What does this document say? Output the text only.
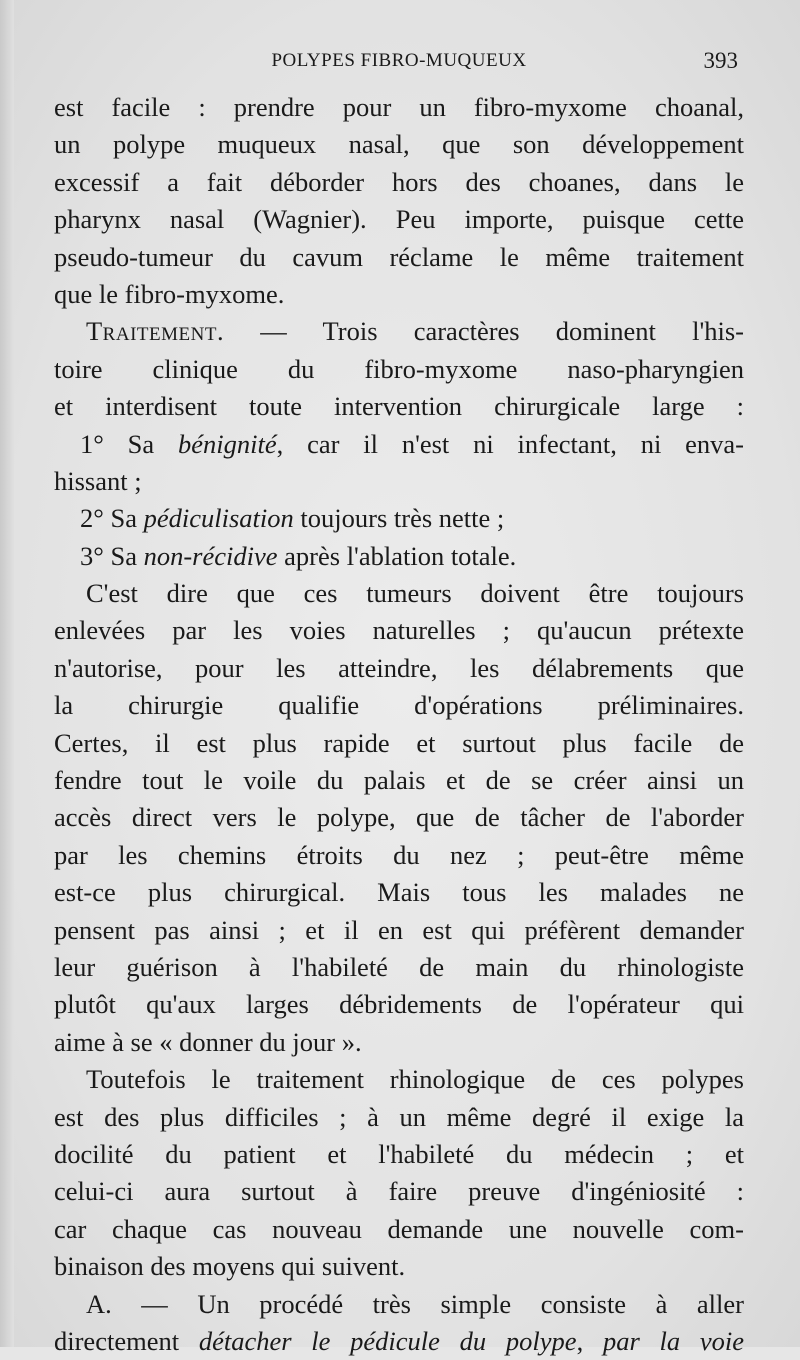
POLYPES FIBRO-MUQUEUX	393
est facile : prendre pour un fibro-myxome choanal,
un polype muqueux nasal, que son développement
excessif a fait déborder hors des choanes, dans le
pharynx nasal (Wagnier). Peu importe, puisque cette
pseudo-tumeur du cavum réclame le même traitement
que le fibro-myxome.
Traitement. — Trois caractères dominent l'his-
toire clinique du fibro-myxome naso-pharyngien
et interdisent toute intervention chirurgicale large :
1° Sa bénignité, car il n'est ni infectant, ni enva-
hissant ;
2° Sa pédiculisation toujours très nette ;
3° Sa non-récidive après l'ablation totale.
C'est dire que ces tumeurs doivent être toujours
enlevées par les voies naturelles ; qu'aucun prétexte
n'autorise, pour les atteindre, les délabrements que
la chirurgie qualifie d'opérations préliminaires.
Certes, il est plus rapide et surtout plus facile de
fendre tout le voile du palais et de se créer ainsi un
accès direct vers le polype, que de tâcher de l'aborder
par les chemins étroits du nez ; peut-être même
est-ce plus chirurgical. Mais tous les malades ne
pensent pas ainsi ; et il en est qui préfèrent demander
leur guérison à l'habileté de main du rhinologiste
plutôt qu'aux larges débridements de l'opérateur qui
aime à se « donner du jour ».
Toutefois le traitement rhinologique de ces polypes
est des plus difficiles ; à un même degré il exige la
docilité du patient et l'habileté du médecin ; et
celui-ci aura surtout à faire preuve d'ingéniosité :
car chaque cas nouveau demande une nouvelle com-
binaison des moyens qui suivent.
A. — Un procédé très simple consiste à aller
directement détacher le pédicule du polype, par la voie
